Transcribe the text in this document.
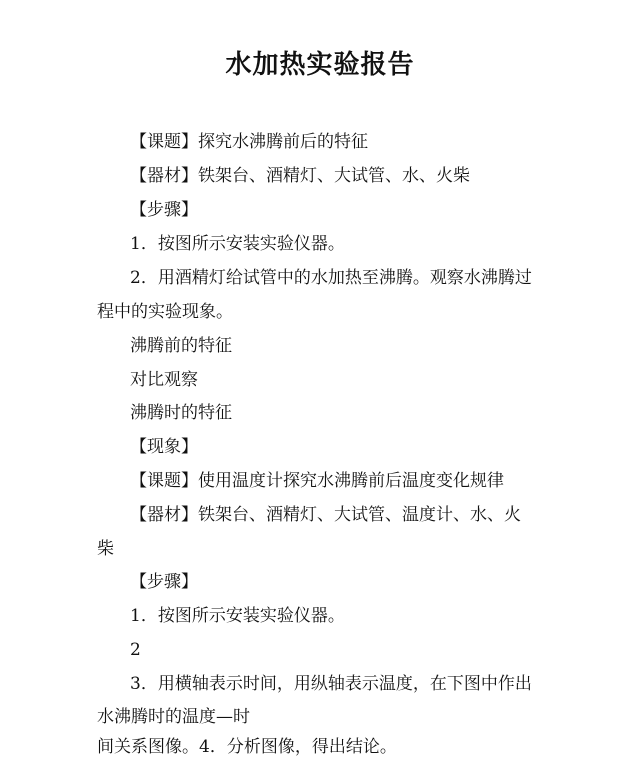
水加热实验报告
【课题】探究水沸腾前后的特征
【器材】铁架台、酒精灯、大试管、水、火柴
【步骤】
1．按图所示安装实验仪器。
2．用酒精灯给试管中的水加热至沸腾。观察水沸腾过
程中的实验现象。
沸腾前的特征
对比观察
沸腾时的特征
【现象】
【课题】使用温度计探究水沸腾前后温度变化规律
【器材】铁架台、酒精灯、大试管、温度计、水、火
柴
【步骤】
1．按图所示安装实验仪器。
2
3．用横轴表示时间，用纵轴表示温度，在下图中作出
水沸腾时的温度—时
间关系图像。4．分析图像，得出结论。
